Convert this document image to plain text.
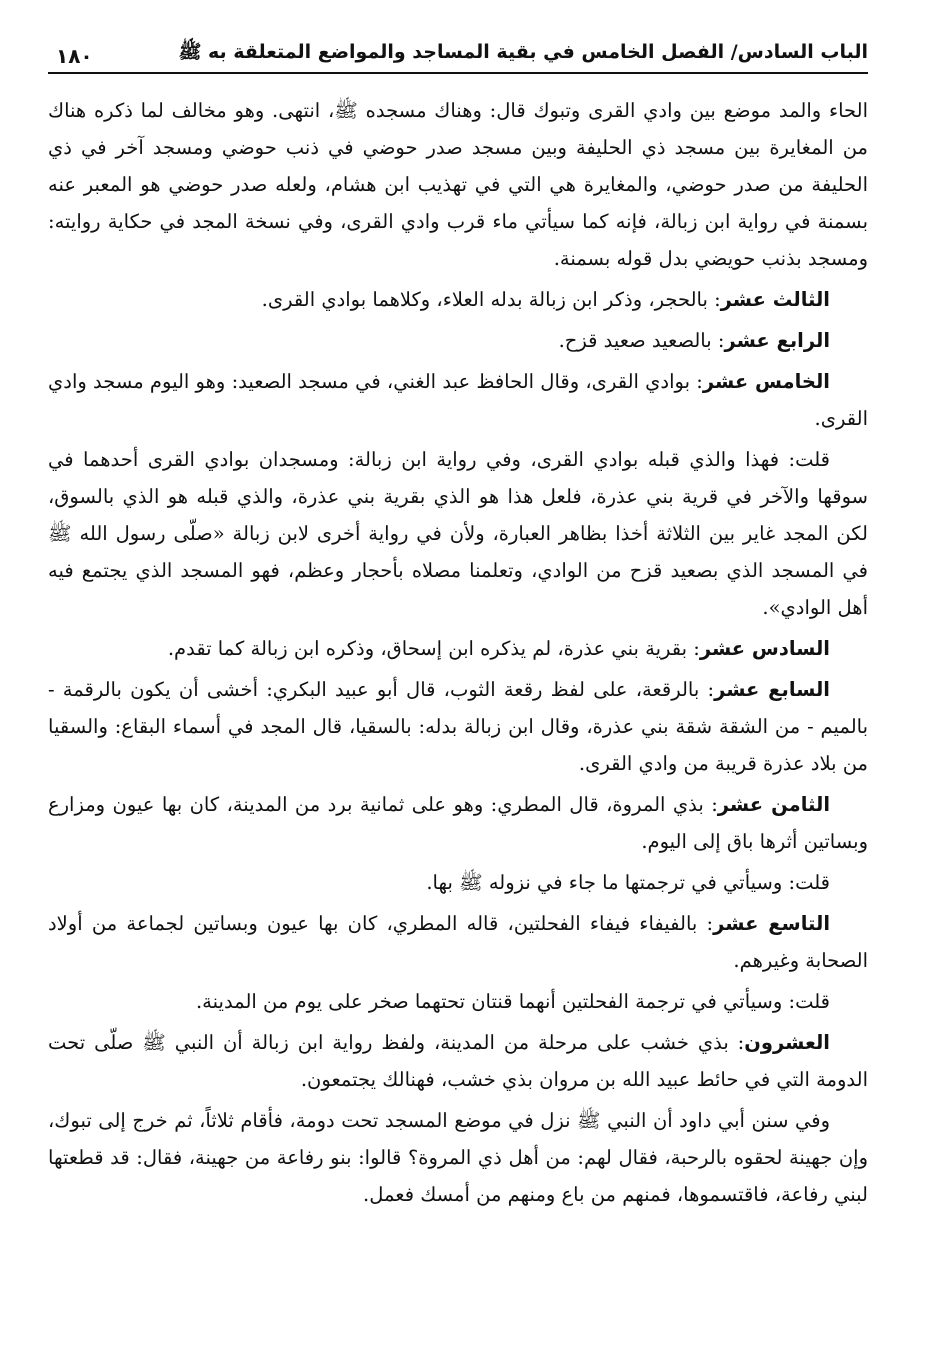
الباب السادس/ الفصل الخامس في بقية المساجد والمواضع المتعلقة به ﷺ
١٨٠

الحاء والمد موضع بين وادي القرى وتبوك قال: وهناك مسجده ﷺ، انتهى. وهو مخالف لما ذكره هناك من المغايرة بين مسجد ذي الحليفة وبين مسجد صدر حوضي في ذنب حوضي ومسجد آخر في ذي الحليفة من صدر حوضي، والمغايرة هي التي في تهذيب ابن هشام، ولعله صدر حوضي هو المعبر عنه بسمنة في رواية ابن زبالة، فإنه كما سيأتي ماء قرب وادي القرى، وفي نسخة المجد في حكاية روايته: ومسجد بذنب حويضي بدل قوله بسمنة.

الثالث عشر: بالحجر، وذكر ابن زبالة بدله العلاء، وكلاهما بوادي القرى.

الرابع عشر: بالصعيد صعيد قزح.

الخامس عشر: بوادي القرى، وقال الحافظ عبد الغني، في مسجد الصعيد: وهو اليوم مسجد وادي القرى.

قلت: فهذا والذي قبله بوادي القرى، وفي رواية ابن زبالة: ومسجدان بوادي القرى أحدهما في سوقها والآخر في قرية بني عذرة، فلعل هذا هو الذي بقرية بني عذرة، والذي قبله هو الذي بالسوق، لكن المجد غاير بين الثلاثة أخذا بظاهر العبارة، ولأن في رواية أخرى لابن زبالة «صلّى رسول الله ﷺ في المسجد الذي بصعيد قزح من الوادي، وتعلمنا مصلاه بأحجار وعظم، فهو المسجد الذي يجتمع فيه أهل الوادي».

السادس عشر: بقرية بني عذرة، لم يذكره ابن إسحاق، وذكره ابن زبالة كما تقدم.

السابع عشر: بالرقعة، على لفظ رقعة الثوب، قال أبو عبيد البكري: أخشى أن يكون بالرقمة - بالميم - من الشقة شقة بني عذرة، وقال ابن زبالة بدله: بالسقيا، قال المجد في أسماء البقاع: والسقيا من بلاد عذرة قريبة من وادي القرى.

الثامن عشر: بذي المروة، قال المطري: وهو على ثمانية برد من المدينة، كان بها عيون ومزارع وبساتين أثرها باق إلى اليوم.

قلت: وسيأتي في ترجمتها ما جاء في نزوله ﷺ بها.

التاسع عشر: بالفيفاء فيفاء الفحلتين، قاله المطري، كان بها عيون وبساتين لجماعة من أولاد الصحابة وغيرهم.

قلت: وسيأتي في ترجمة الفحلتين أنهما قنتان تحتهما صخر على يوم من المدينة.

العشرون: بذي خشب على مرحلة من المدينة، ولفظ رواية ابن زبالة أن النبي ﷺ صلّى تحت الدومة التي في حائط عبيد الله بن مروان بذي خشب، فهنالك يجتمعون.

وفي سنن أبي داود أن النبي ﷺ نزل في موضع المسجد تحت دومة، فأقام ثلاثاً، ثم خرج إلى تبوك، وإن جهينة لحقوه بالرحبة، فقال لهم: من أهل ذي المروة؟ قالوا: بنو رفاعة من جهينة، فقال: قد قطعتها لبني رفاعة، فاقتسموها، فمنهم من باع ومنهم من أمسك فعمل.
